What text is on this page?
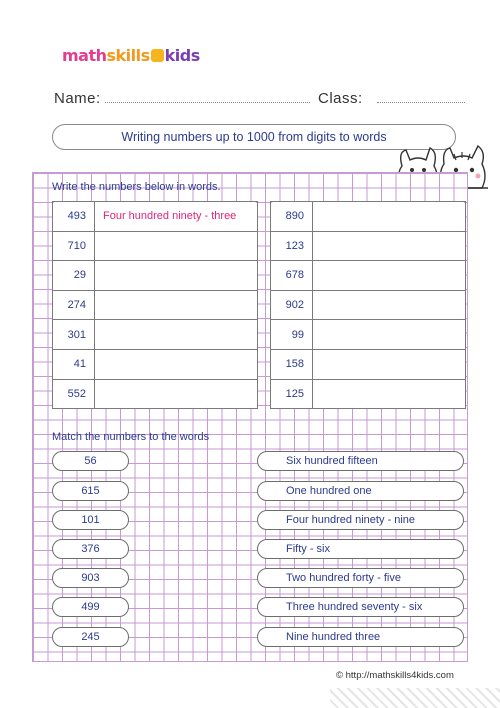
mathskills kids
Name:	Class:
Writing numbers up to 1000 from digits to words
Write the numbers below in words.
493	Four hundred ninety - three
710	
29	
274	
301	
41	
552	
890	
123	
678	
902	
99	
158	
125	
Match the numbers to the words
56
615
101
376
903
499
245
Six hundred fifteen
One hundred one
Four hundred ninety - nine
Fifty - six
Two hundred forty - five
Three hundred seventy - six
Nine hundred three
© http://mathskills4kids.com
